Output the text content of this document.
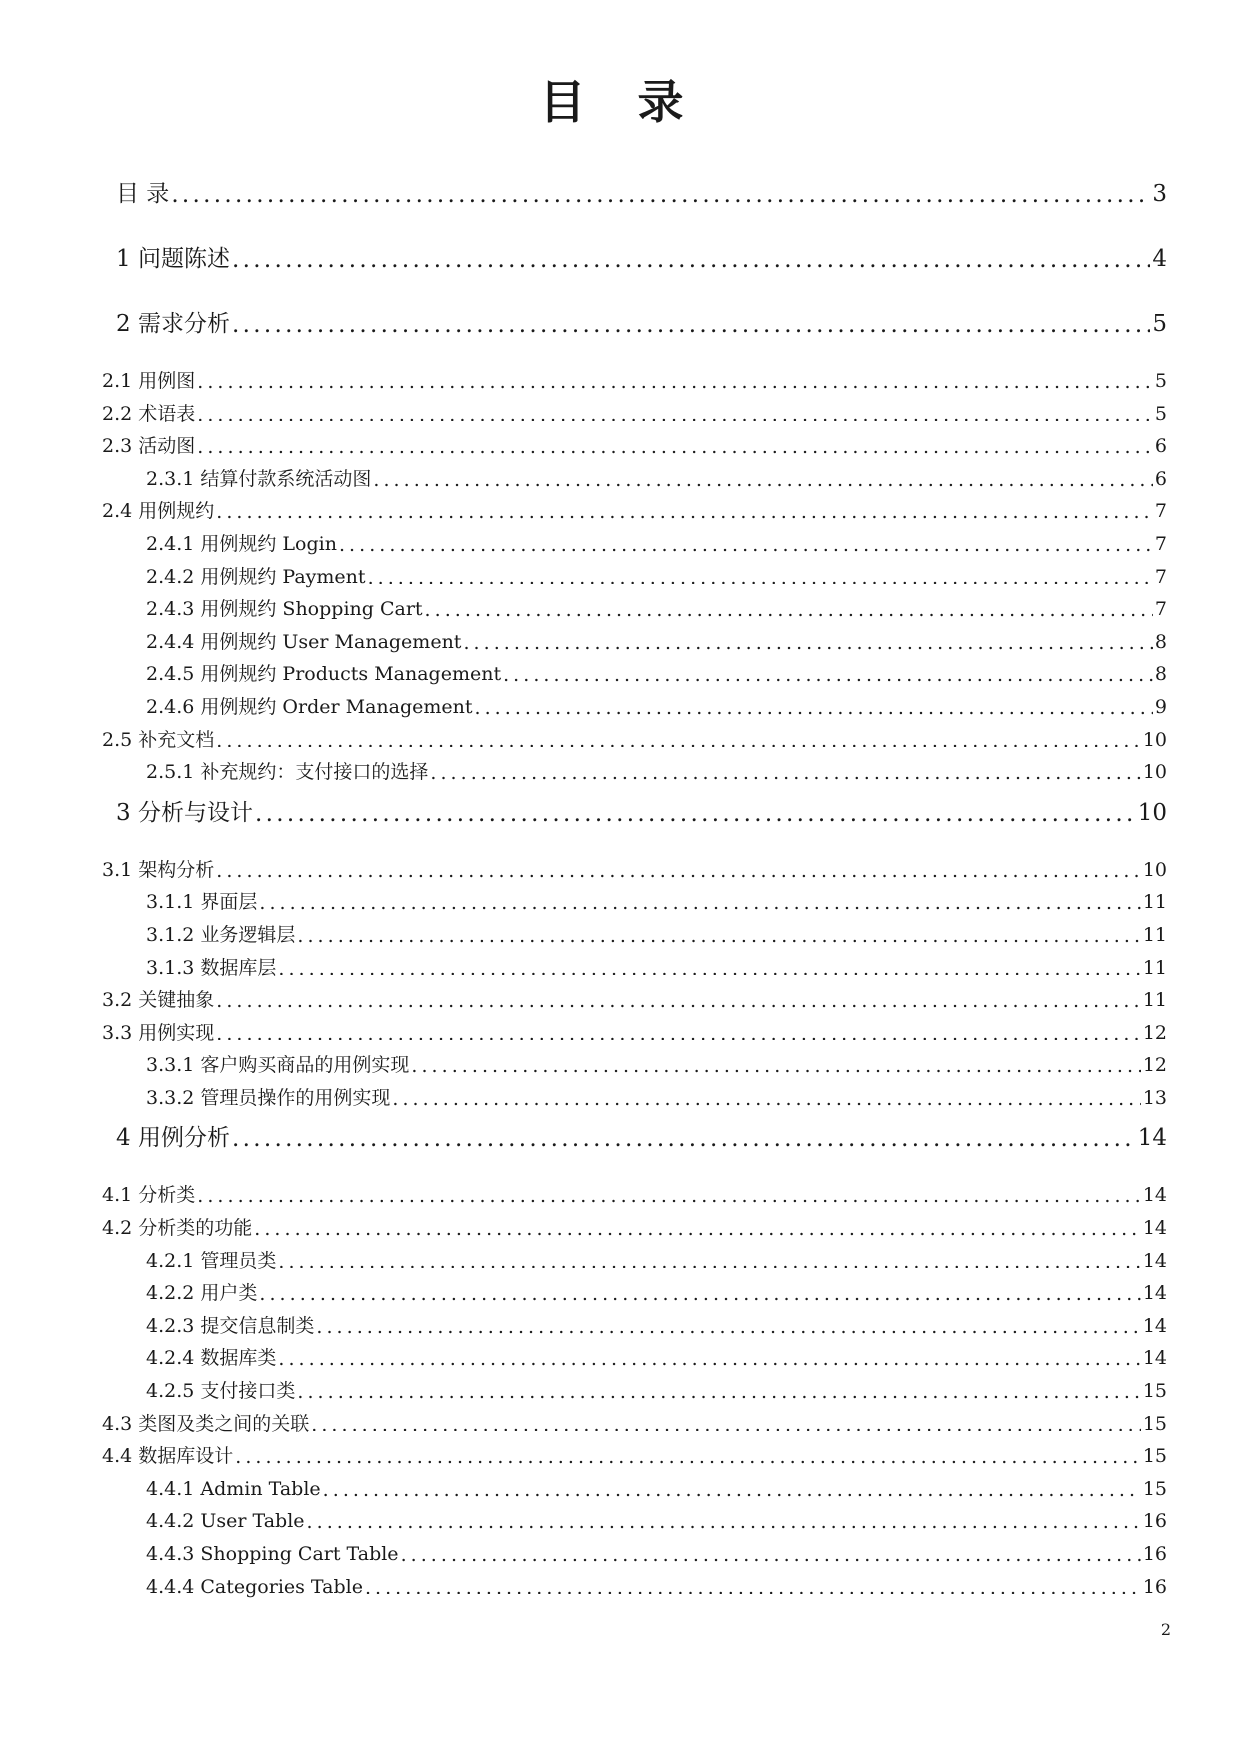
目 录
目 录 . . .	3
1 问题陈述 . . .	4
2 需求分析 . . .	5
2.1 用例图 . . .	5
2.2 术语表 . . .	5
2.3 活动图 . . .	6
2.3.1 结算付款系统活动图 . . .	6
2.4 用例规约 . . .	7
2.4.1 用例规约 Login . . .	7
2.4.2 用例规约 Payment . . .	7
2.4.3 用例规约 Shopping Cart . . .	7
2.4.4 用例规约 User Management . . .	8
2.4.5 用例规约 Products Management . . .	8
2.4.6 用例规约 Order Management . . .	9
2.5 补充文档 . . .	10
2.5.1 补充规约：支付接口的选择 . . .	10
3 分析与设计 . . .	10
3.1 架构分析 . . .	10
3.1.1 界面层 . . .	11
3.1.2 业务逻辑层 . . .	11
3.1.3 数据库层 . . .	11
3.2 关键抽象 . . .	11
3.3 用例实现 . . .	12
3.3.1 客户购买商品的用例实现 . . .	12
3.3.2 管理员操作的用例实现 . . .	13
4 用例分析 . . .	14
4.1 分析类 . . .	14
4.2 分析类的功能 . . .	14
4.2.1 管理员类 . . .	14
4.2.2 用户类 . . .	14
4.2.3 提交信息制类 . . .	14
4.2.4 数据库类 . . .	14
4.2.5 支付接口类 . . .	15
4.3 类图及类之间的关联 . . .	15
4.4 数据库设计 . . .	15
4.4.1 Admin Table . . .	15
4.4.2 User Table . . .	16
4.4.3 Shopping Cart Table . . .	16
4.4.4 Categories Table . . .	16
2
